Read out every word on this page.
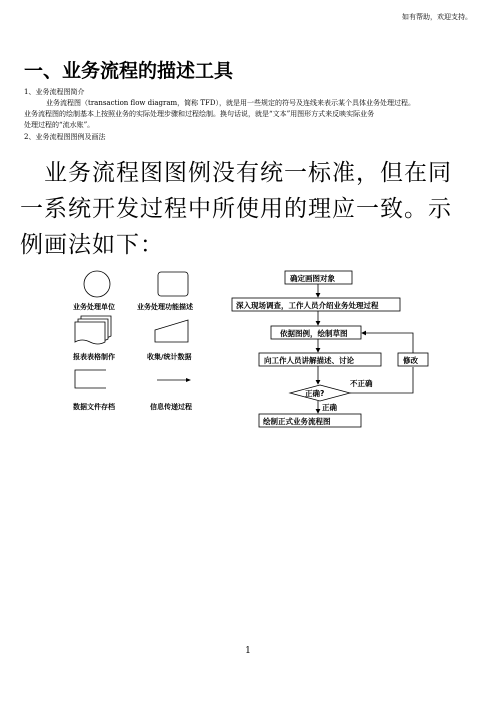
如有帮助，欢迎支持。
一、业务流程的描述工具
1、业务流程图简介
业务流程图（transaction flow diagram，简称 TFD），就是用一些规定的符号及连线来表示某个具体业务处理过程。
业务流程图的绘制基本上按照业务的实际处理步骤和过程绘制。换句话说，就是“文本”用图形方式来反映实际业务
处理过程的“流水账”。
2、业务流程图图例及画法
业务流程图图例没有统一标准，但在同
一系统开发过程中所使用的理应一致。示
例画法如下：
业务处理单位	业务处理功能描述
报表表格制作	收集/统计数据
数据文件存档	信息传递过程
确定画图对象
深入现场调查，工作人员介绍业务处理过程
依据图例，绘制草图
向工作人员讲解描述、讨论	修改
正确?
不正确
正确
绘制正式业务流程图
1
